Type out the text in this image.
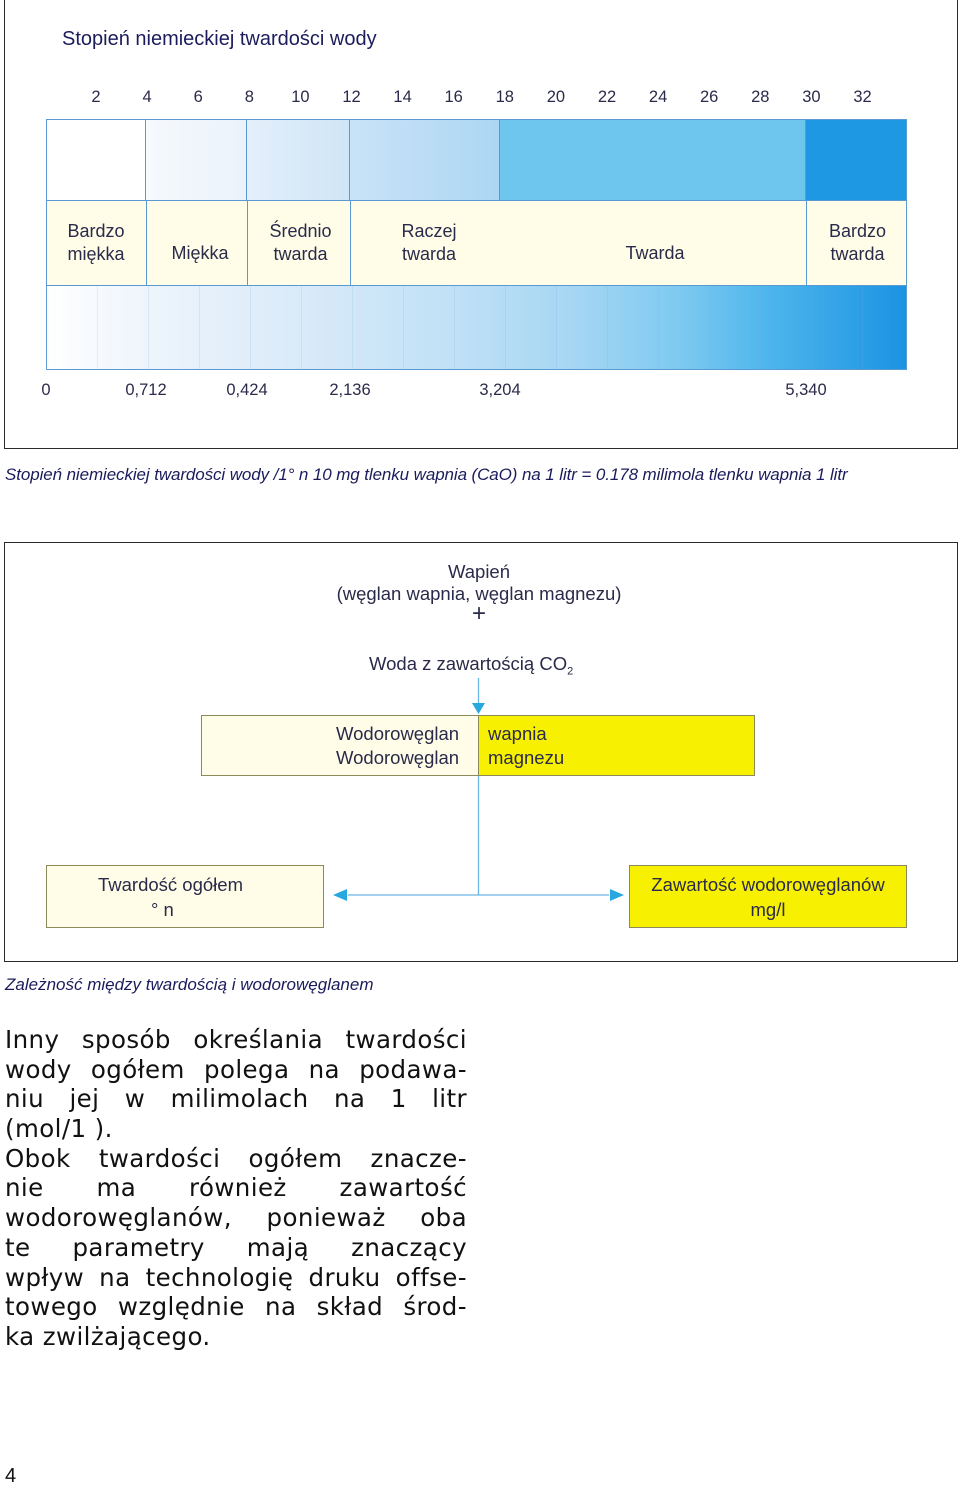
Stopień niemieckiej twardości wody
2	4	6	8	10	12	14	16	18	20	22	24	26	28	30	32
Bardzo
miękka	Miękka
Średnio
twarda
Raczej
twarda	Twarda
Bardzo
twarda
0	0,712	0,424	2,136	3,204	5,340
Stopień niemieckiej twardości wody /1° n 10 mg tlenku wapnia (CaO) na 1 litr = 0.178 milimola tlenku wapnia 1 litr
Wapień
(węglan wapnia, węglan magnezu)
+
Woda z zawartością $CO_2$
Wodorowęglan
Wodorowęglan
wapnia
magnezu
Twardość ogółem
° n
Zawartość wodorowęglanów
mg/l
Zależność między twardością i wodorowęglanem
Inny sposób określania twardości
wody ogółem polega na podawa-
niu jej w milimolach na 1 litr
(mol/1 ).
Obok twardości ogółem znacze-
nie ma również zawartość
wodorowęglanów, ponieważ oba
te parametry mają znaczący
wpływ na technologię druku offse-
towego względnie na skład środ-
ka zwilżającego.
4
